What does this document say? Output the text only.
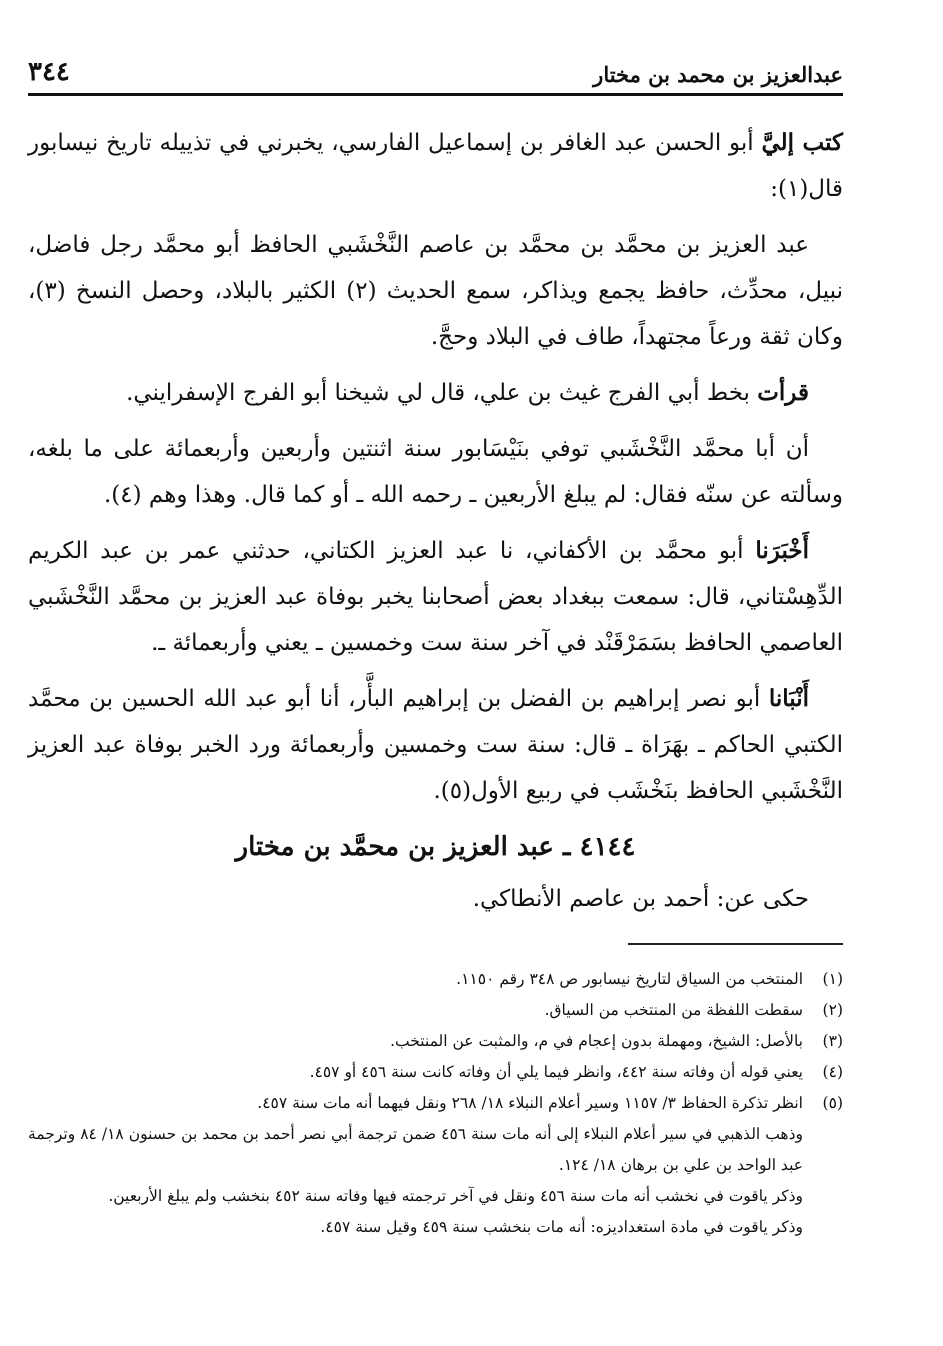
عبدالعزيز بن محمد بن مختار
٣٤٤

كتب إليَّ أبو الحسن عبد الغافر بن إسماعيل الفارسي، يخبرني في تذييله تاريخ نيسابور قال(١):

عبد العزيز بن محمَّد بن محمَّد بن عاصم النَّخْشَبي الحافظ أبو محمَّد رجل فاضل، نبيل، محدِّث، حافظ يجمع ويذاكر، سمع الحديث (٢) الكثير بالبلاد، وحصل النسخ (٣)، وكان ثقة ورعاً مجتهداً، طاف في البلاد وحجَّ.

قرأت بخط أبي الفرج غيث بن علي، قال لي شيخنا أبو الفرج الإسفرايني.

أن أبا محمَّد النَّخْشَبي توفي بنَيْسَابور سنة اثنتين وأربعين وأربعمائة على ما بلغه، وسألته عن سنّه فقال: لم يبلغ الأربعين ـ رحمه الله ـ أو كما قال. وهذا وهم (٤).

أَخْبَرَنا أبو محمَّد بن الأكفاني، نا عبد العزيز الكتاني، حدثني عمر بن عبد الكريم الدِّهِسْتاني، قال: سمعت ببغداد بعض أصحابنا يخبر بوفاة عبد العزيز بن محمَّد النَّخْشَبي العاصمي الحافظ بسَمَرْقَنْد في آخر سنة ست وخمسين ـ يعني وأربعمائة ـ.

أَنْبَانا أبو نصر إبراهيم بن الفضل بن إبراهيم البأَّر، أنا أبو عبد الله الحسين بن محمَّد الكتبي الحاكم ـ بهَرَاة ـ قال: سنة ست وخمسين وأربعمائة ورد الخبر بوفاة عبد العزيز النَّخْشَبي الحافظ بنَخْشَب في ربيع الأول(٥).

٤١٤٤ ـ عبد العزيز بن محمَّد بن مختار

حكى عن: أحمد بن عاصم الأنطاكي.

(١)
المنتخب من السياق لتاريخ نيسابور ص ٣٤٨ رقم ١١٥٠.
(٢)
سقطت اللفظة من المنتخب من السياق.
(٣)
بالأصل: الشيخ، ومهملة بدون إعجام في م، والمثبت عن المنتخب.
(٤)
يعني قوله أن وفاته سنة ٤٤٢، وانظر فيما يلي أن وفاته كانت سنة ٤٥٦ أو ٤٥٧.
(٥)
انظر تذكرة الحفاظ ٣/ ١١٥٧ وسير أعلام النبلاء ١٨/ ٢٦٨ ونقل فيهما أنه مات سنة ٤٥٧.
وذهب الذهبي في سير أعلام النبلاء إلى أنه مات سنة ٤٥٦ ضمن ترجمة أبي نصر أحمد بن محمد بن حسنون ١٨/ ٨٤ وترجمة عبد الواحد بن علي بن برهان ١٨/ ١٢٤.
وذكر ياقوت في نخشب أنه مات سنة ٤٥٦ ونقل في آخر ترجمته فيها وفاته سنة ٤٥٢ بنخشب ولم يبلغ الأربعين.
وذكر ياقوت في مادة استغداديزه: أنه مات بنخشب سنة ٤٥٩ وقيل سنة ٤٥٧.
